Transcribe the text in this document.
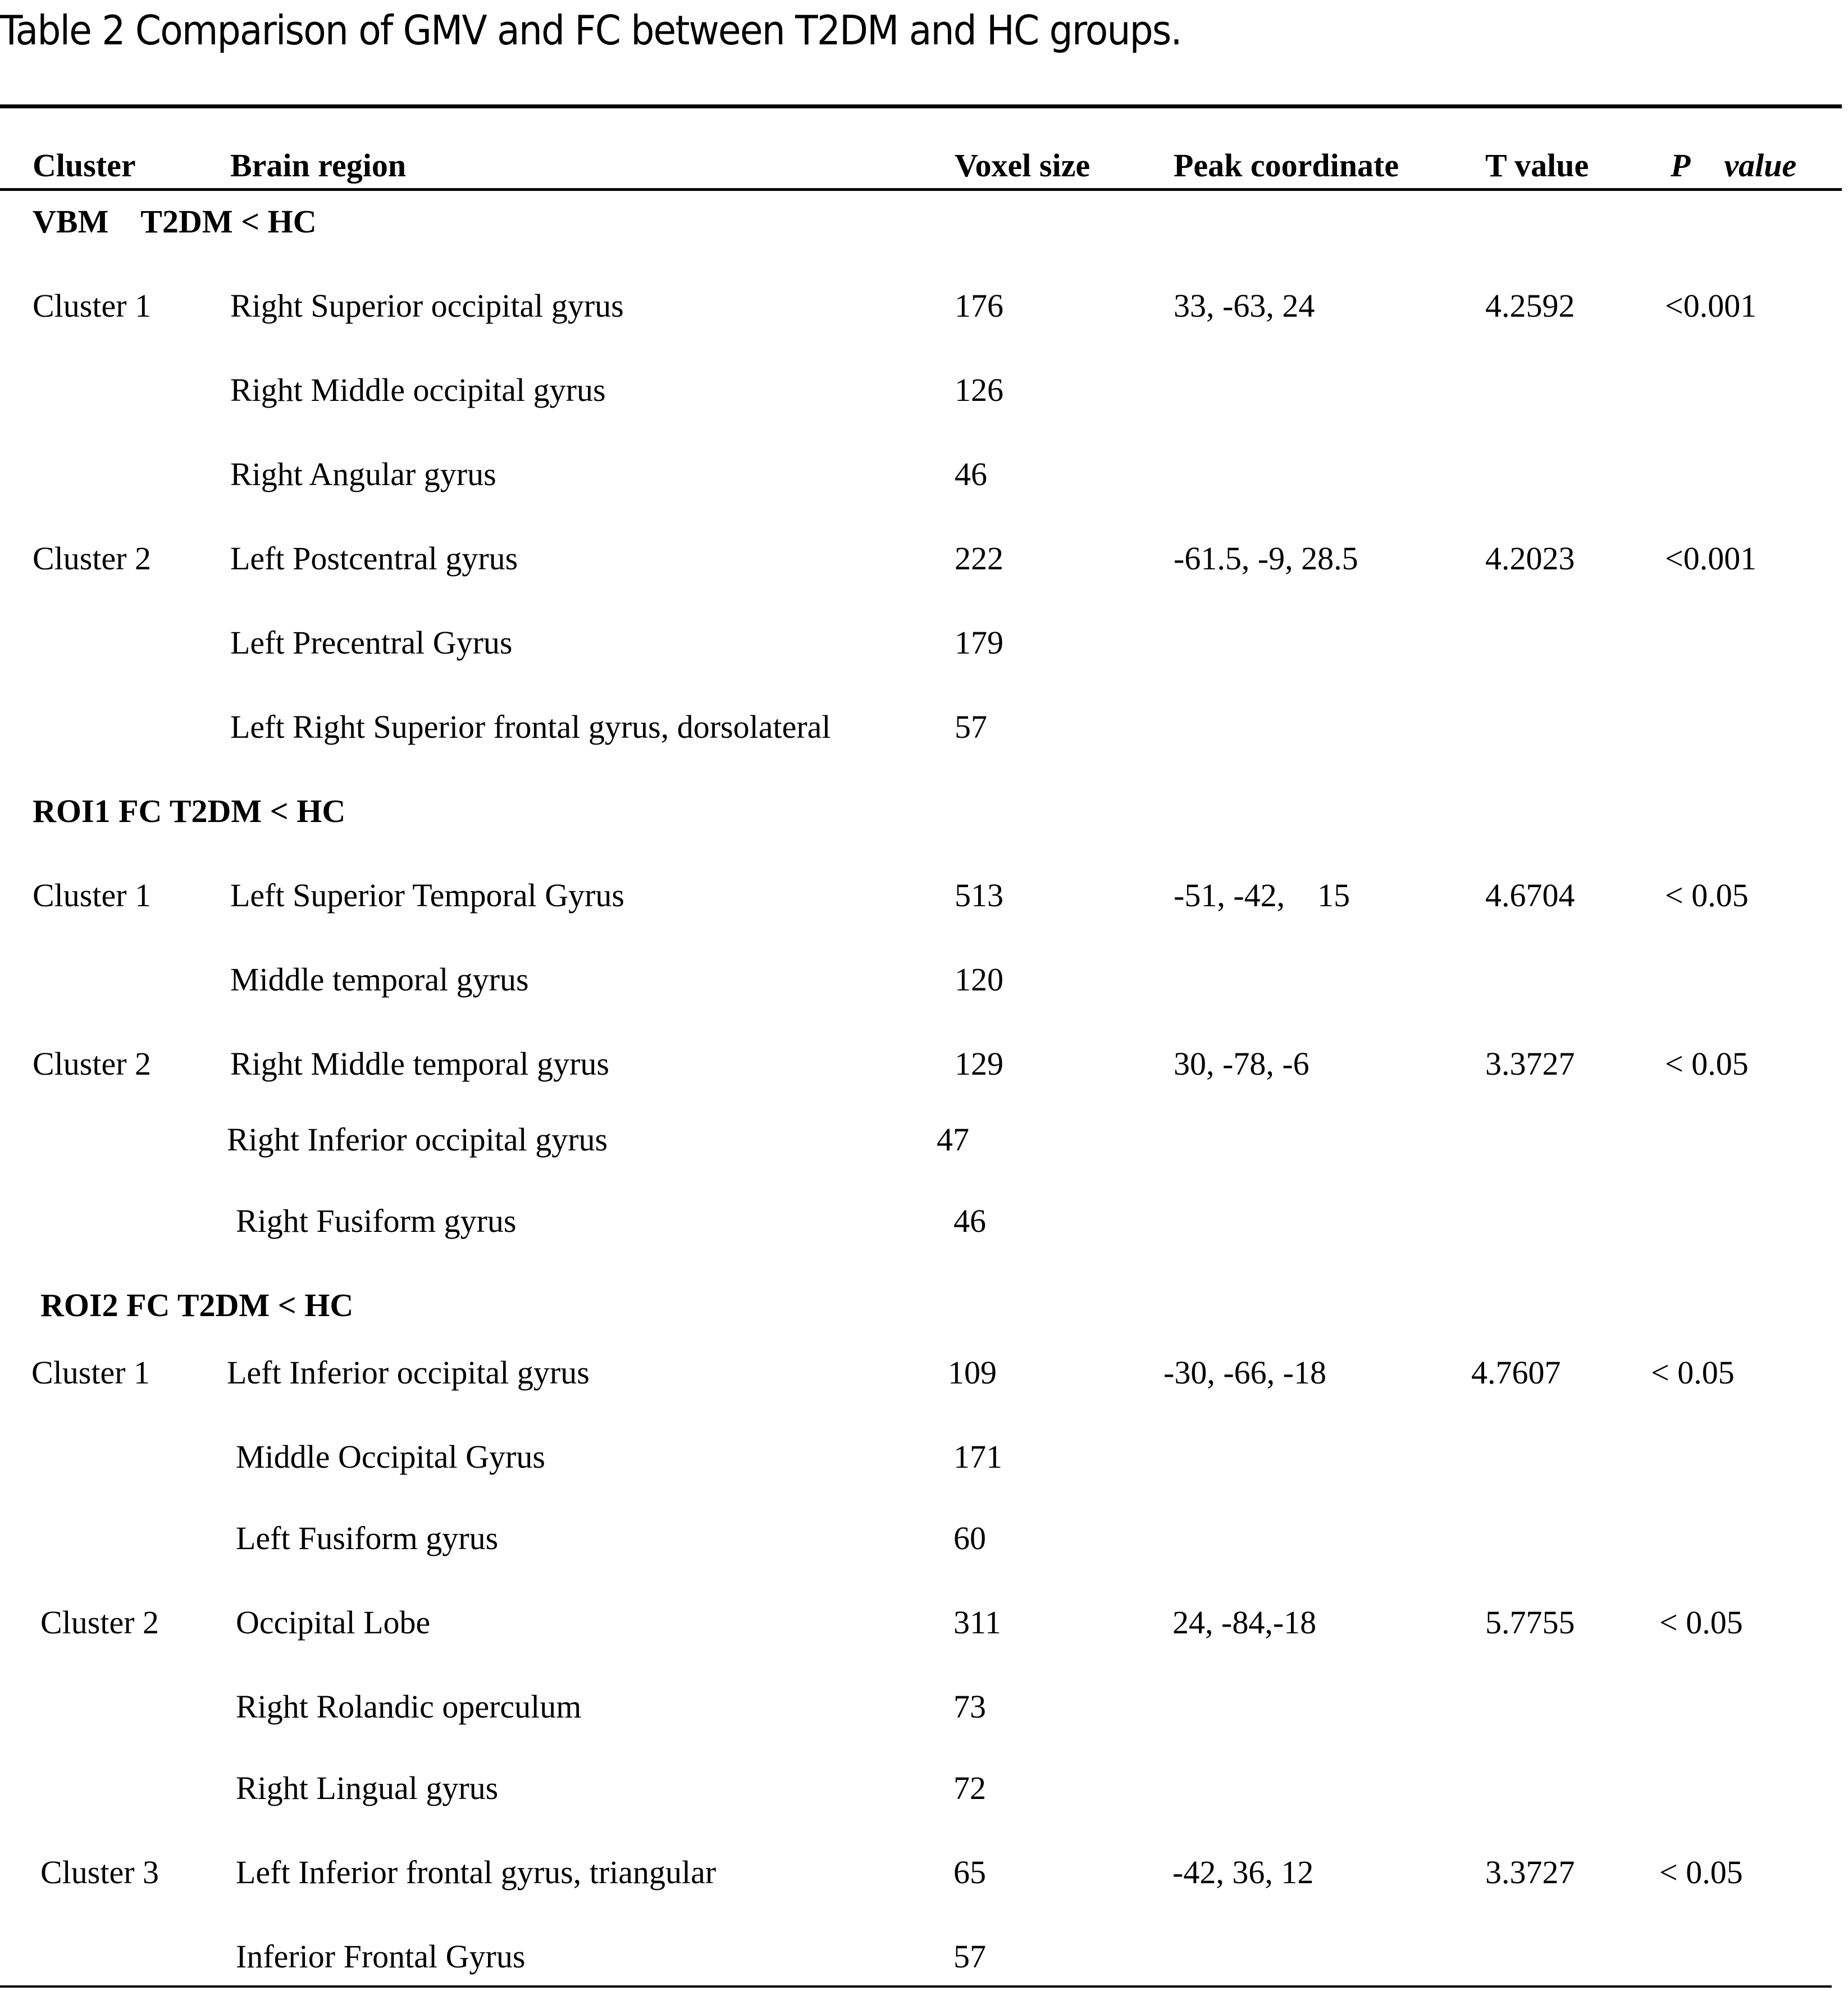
Table 2 Comparison of GMV and FC between T2DM and HC groups.
Cluster	Brain region	Voxel size	Peak coordinate	T value	P value
VBM    T2DM < HC
Cluster 1 Right Superior occipital gyrus	176	33, -63, 24	4.2592	<0.001
Right Middle occipital gyrus	126
Right Angular gyrus	46
Cluster 2 Left Postcentral gyrus	222	-61.5, -9, 28.5	4.2023	<0.001
Left Precentral Gyrus	179
Left Right Superior frontal gyrus, dorsolateral	57
ROI1 FC T2DM < HC
Cluster 1 Left Superior Temporal Gyrus	513	-51, -42,    15	4.6704	< 0.05
Middle temporal gyrus	120
Cluster 2 Right Middle temporal gyrus	129	30, -78, -6	3.3727	< 0.05
Right Inferior occipital gyrus	47
Right Fusiform gyrus	46
ROI2 FC T2DM < HC
Cluster 1 Left Inferior occipital gyrus	109	-30, -66, -18	4.7607	< 0.05
Middle Occipital Gyrus	171
Left Fusiform gyrus	60
Cluster 2 Occipital Lobe	311	24, -84,-18	5.7755	< 0.05
Right Rolandic operculum	73
Right Lingual gyrus	72
Cluster 3 Left Inferior frontal gyrus, triangular	65	-42, 36, 12	3.3727	< 0.05
Inferior Frontal Gyrus	57
